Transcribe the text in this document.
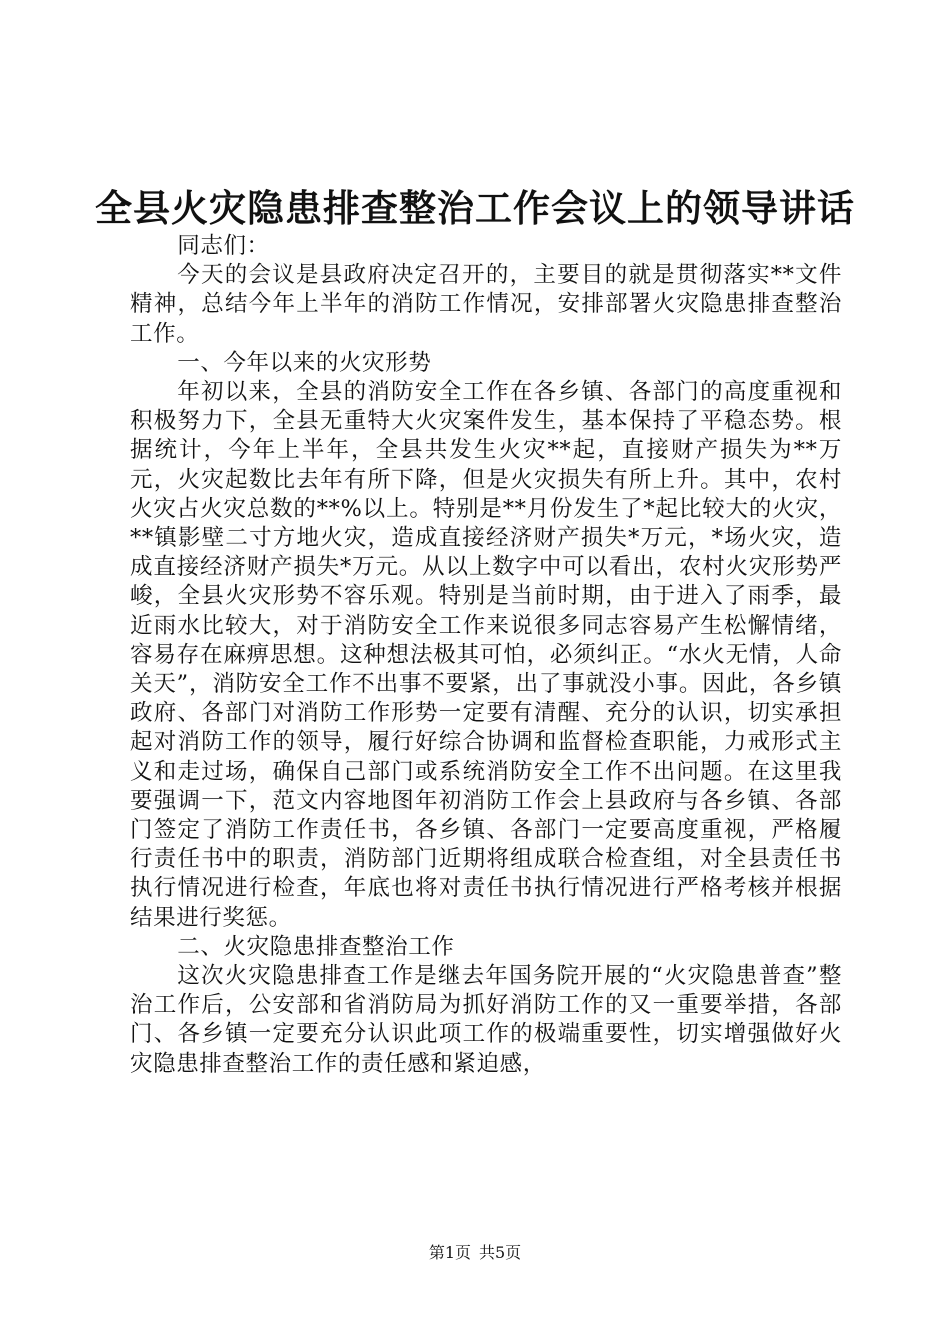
全县火灾隐患排查整治工作会议上的领导讲话

同志们：

今天的会议是县政府决定召开的，主要目的就是贯彻落实**文件精神，总结今年上半年的消防工作情况，安排部署火灾隐患排查整治工作。

一、今年以来的火灾形势

年初以来，全县的消防安全工作在各乡镇、各部门的高度重视和积极努力下，全县无重特大火灾案件发生，基本保持了平稳态势。根据统计，今年上半年，全县共发生火灾**起，直接财产损失为**万元，火灾起数比去年有所下降，但是火灾损失有所上升。其中，农村火灾占火灾总数的**%以上。特别是**月份发生了*起比较大的火灾，**镇影壁二寸方地火灾，造成直接经济财产损失*万元，*场火灾，造成直接经济财产损失*万元。从以上数字中可以看出，农村火灾形势严峻，全县火灾形势不容乐观。特别是当前时期，由于进入了雨季，最近雨水比较大，对于消防安全工作来说很多同志容易产生松懈情绪，容易存在麻痹思想。这种想法极其可怕，必须纠正。“水火无情，人命关天”，消防安全工作不出事不要紧，出了事就没小事。因此，各乡镇政府、各部门对消防工作形势一定要有清醒、充分的认识，切实承担起对消防工作的领导，履行好综合协调和监督检查职能，力戒形式主义和走过场，确保自己部门或系统消防安全工作不出问题。在这里我要强调一下，范文内容地图年初消防工作会上县政府与各乡镇、各部门签定了消防工作责任书，各乡镇、各部门一定要高度重视，严格履行责任书中的职责，消防部门近期将组成联合检查组，对全县责任书执行情况进行检查，年底也将对责任书执行情况进行严格考核并根据结果进行奖惩。

二、火灾隐患排查整治工作

这次火灾隐患排查工作是继去年国务院开展的“火灾隐患普查”整治工作后，公安部和省消防局为抓好消防工作的又一重要举措，各部门、各乡镇一定要充分认识此项工作的极端重要性，切实增强做好火灾隐患排查整治工作的责任感和紧迫感，

第1页 共5页
